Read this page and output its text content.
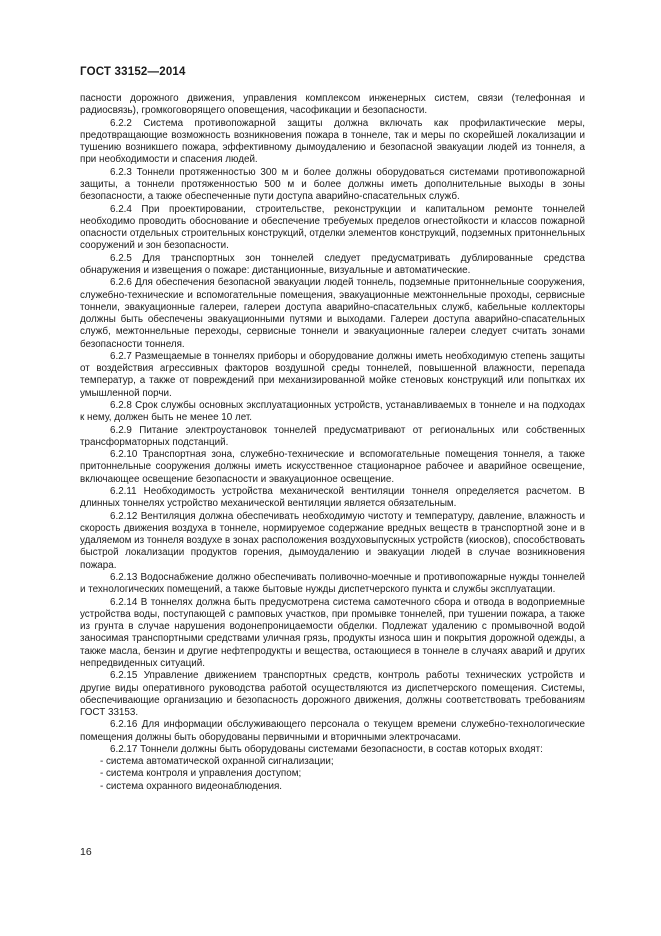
ГОСТ 33152—2014

пасности дорожного движения, управления комплексом инженерных систем, связи (телефонная и радиосвязь), громкоговорящего оповещения, часофикации и безопасности.

6.2.2 Система противопожарной защиты должна включать как профилактические меры, предотвращающие возможность возникновения пожара в тоннеле, так и меры по скорейшей локализации и тушению возникшего пожара, эффективному дымоудалению и безопасной эвакуации людей из тоннеля, а при необходимости и спасения людей.

6.2.3 Тоннели протяженностью 300 м и более должны оборудоваться системами противопожарной защиты, а тоннели протяженностью 500 м и более должны иметь дополнительные выходы в зоны безопасности, а также обеспеченные пути доступа аварийно-спасательных служб.

6.2.4 При проектировании, строительстве, реконструкции и капитальном ремонте тоннелей необходимо проводить обоснование и обеспечение требуемых пределов огнестойкости и классов пожарной опасности отдельных строительных конструкций, отделки элементов конструкций, подземных притоннельных сооружений и зон безопасности.

6.2.5 Для транспортных зон тоннелей следует предусматривать дублированные средства обнаружения и извещения о пожаре: дистанционные, визуальные и автоматические.

6.2.6 Для обеспечения безопасной эвакуации людей тоннель, подземные притоннельные сооружения, служебно-технические и вспомогательные помещения, эвакуационные межтоннельные проходы, сервисные тоннели, эвакуационные галереи, галереи доступа аварийно-спасательных служб, кабельные коллекторы должны быть обеспечены эвакуационными путями и выходами. Галереи доступа аварийно-спасательных служб, межтоннельные переходы, сервисные тоннели и эвакуационные галереи следует считать зонами безопасности тоннеля.

6.2.7 Размещаемые в тоннелях приборы и оборудование должны иметь необходимую степень защиты от воздействия агрессивных факторов воздушной среды тоннелей, повышенной влажности, перепада температур, а также от повреждений при механизированной мойке стеновых конструкций или попытках их умышленной порчи.

6.2.8 Срок службы основных эксплуатационных устройств, устанавливаемых в тоннеле и на подходах к нему, должен быть не менее 10 лет.

6.2.9 Питание электроустановок тоннелей предусматривают от региональных или собственных трансформаторных подстанций.

6.2.10 Транспортная зона, служебно-технические и вспомогательные помещения тоннеля, а также притоннельные сооружения должны иметь искусственное стационарное рабочее и аварийное освещение, включающее освещение безопасности и эвакуационное освещение.

6.2.11 Необходимость устройства механической вентиляции тоннеля определяется расчетом. В длинных тоннелях устройство механической вентиляции является обязательным.

6.2.12 Вентиляция должна обеспечивать необходимую чистоту и температуру, давление, влажность и скорость движения воздуха в тоннеле, нормируемое содержание вредных веществ в транспортной зоне и в удаляемом из тоннеля воздухе в зонах расположения воздуховыпускных устройств (киосков), способствовать быстрой локализации продуктов горения, дымоудалению и эвакуации людей в случае возникновения пожара.

6.2.13 Водоснабжение должно обеспечивать поливочно-моечные и противопожарные нужды тоннелей и технологических помещений, а также бытовые нужды диспетчерского пункта и службы эксплуатации.

6.2.14 В тоннелях должна быть предусмотрена система самотечного сбора и отвода в водоприемные устройства воды, поступающей с рамповых участков, при промывке тоннелей, при тушении пожара, а также из грунта в случае нарушения водонепроницаемости обделки. Подлежат удалению с промывочной водой заносимая транспортными средствами уличная грязь, продукты износа шин и покрытия дорожной одежды, а также масла, бензин и другие нефтепродукты и вещества, остающиеся в тоннеле в случаях аварий и других непредвиденных ситуаций.

6.2.15 Управление движением транспортных средств, контроль работы технических устройств и другие виды оперативного руководства работой осуществляются из диспетчерского помещения. Системы, обеспечивающие организацию и безопасность дорожного движения, должны соответствовать требованиям ГОСТ 33153.

6.2.16 Для информации обслуживающего персонала о текущем времени служебно-технологические помещения должны быть оборудованы первичными и вторичными электрочасами.

6.2.17 Тоннели должны быть оборудованы системами безопасности, в состав которых входят:

- система автоматической охранной сигнализации;

- система контроля и управления доступом;

- система охранного видеонаблюдения.

16
